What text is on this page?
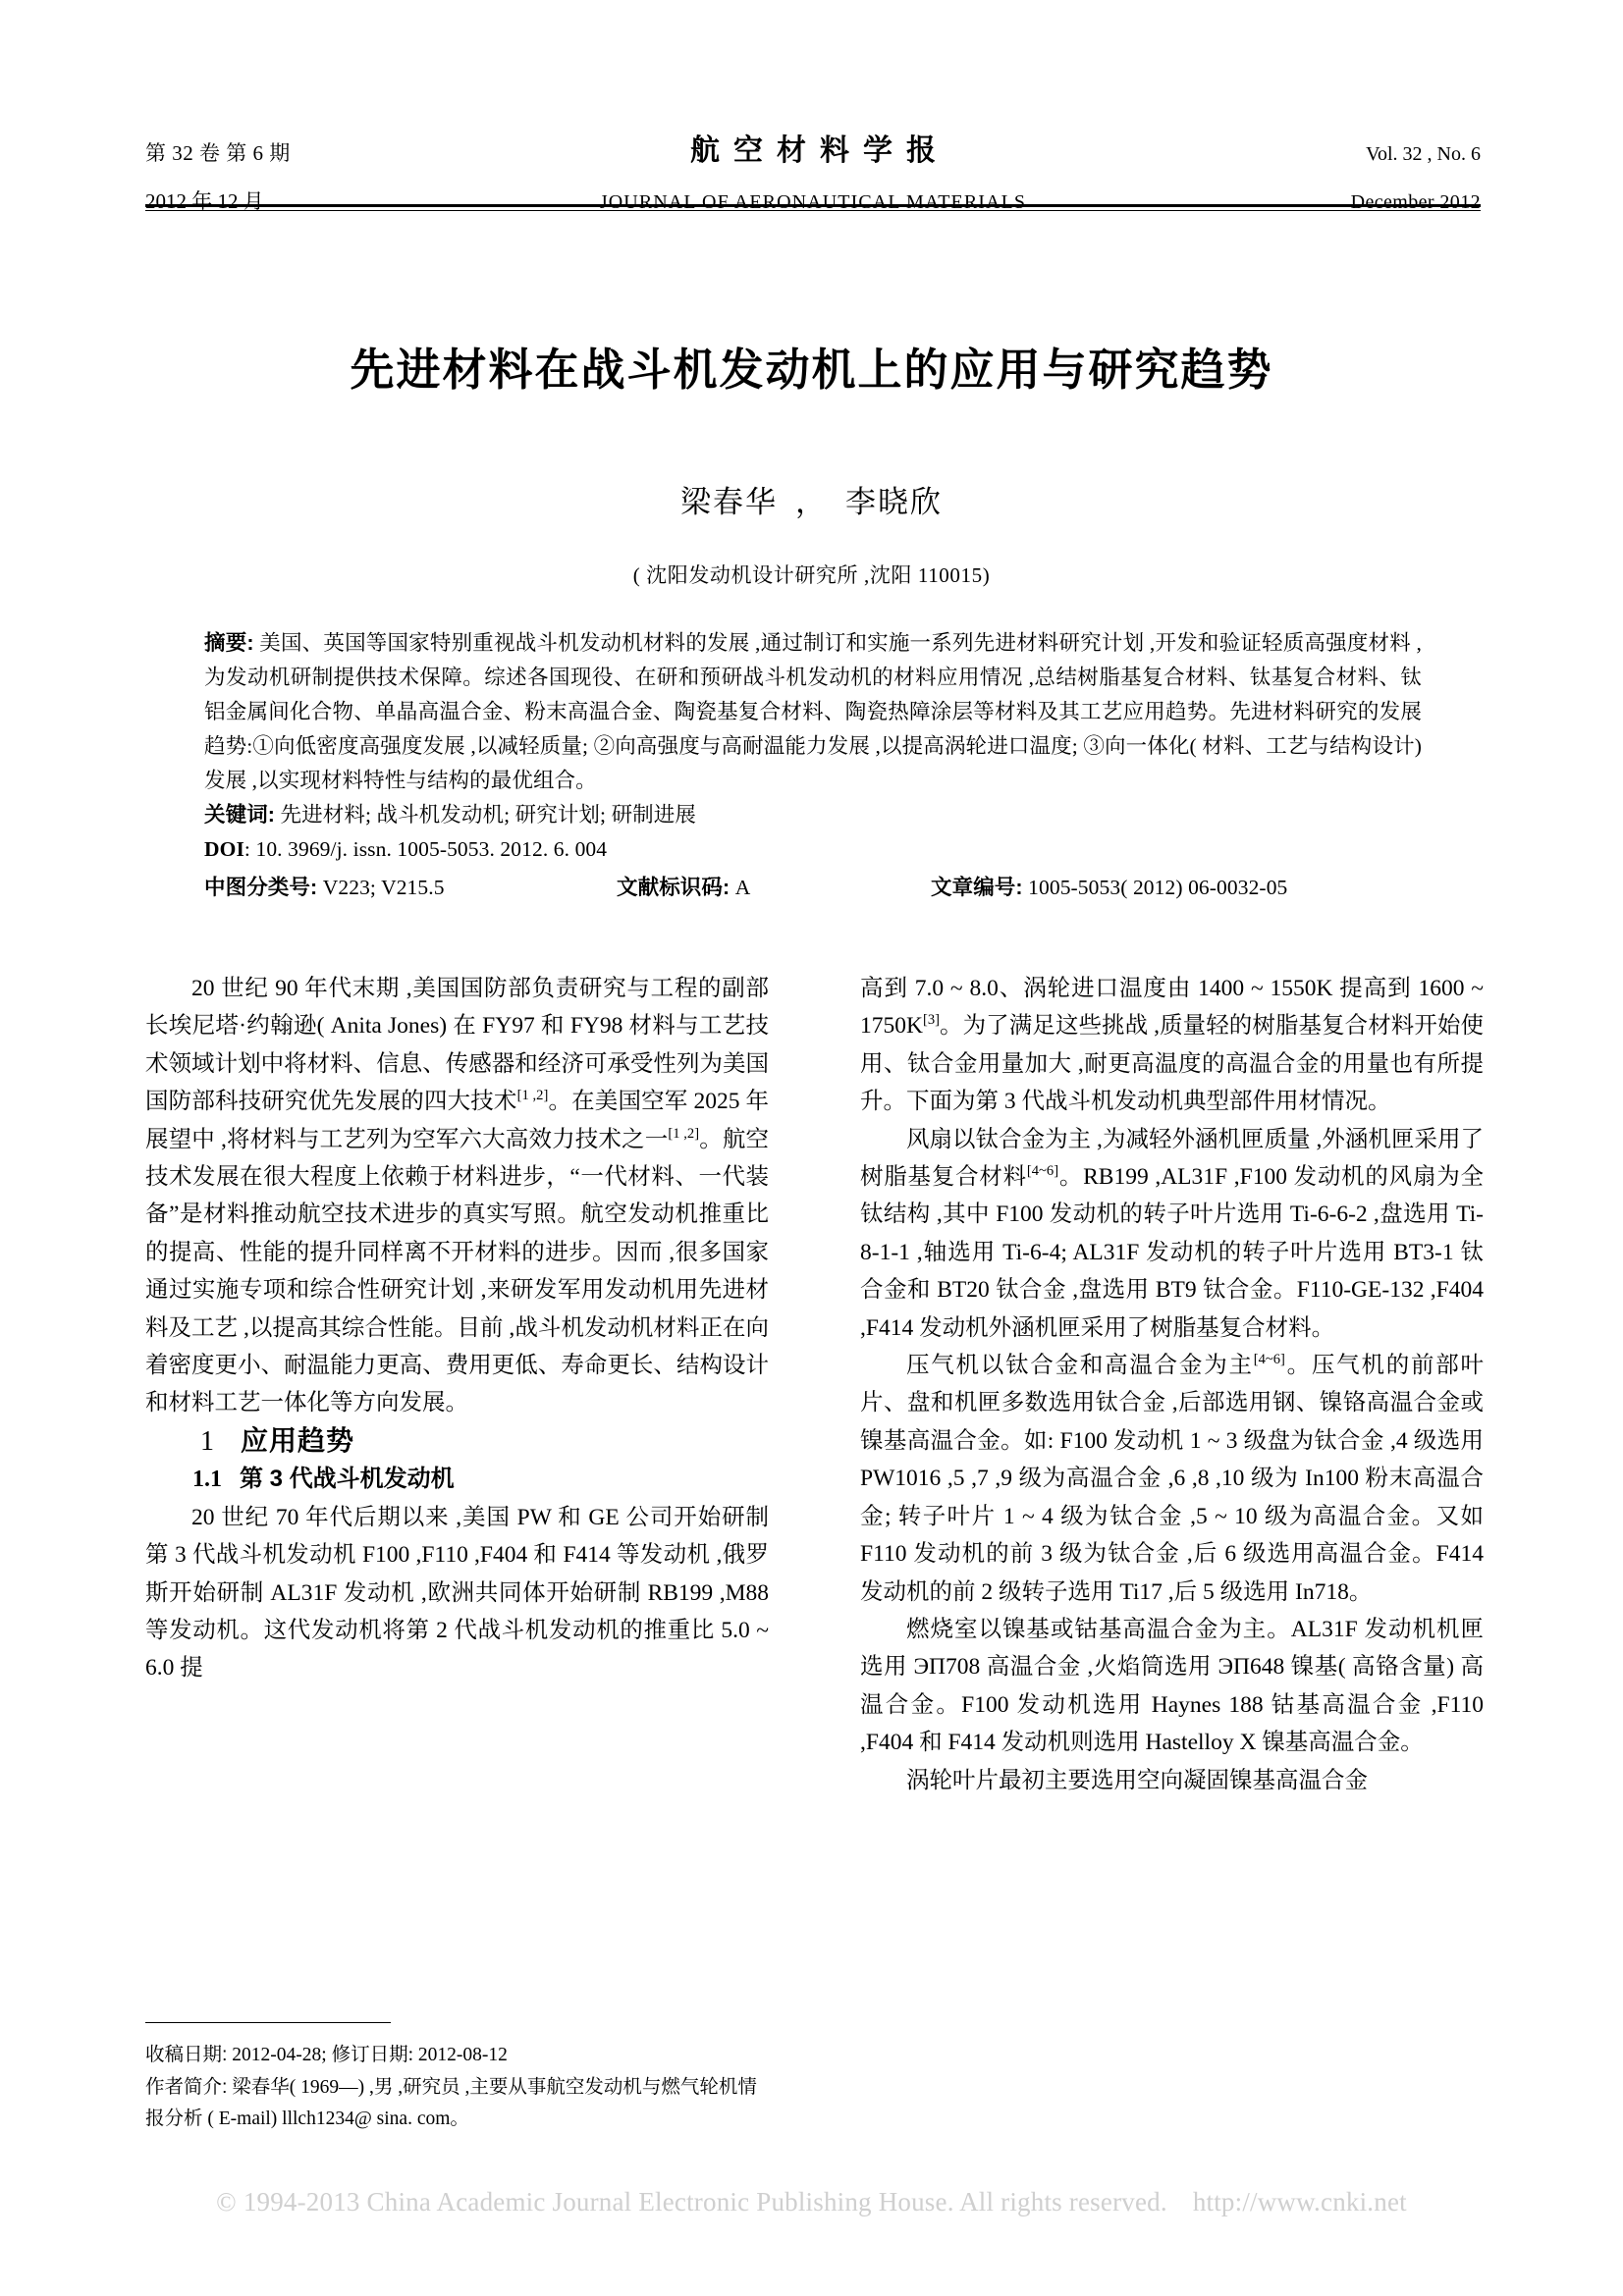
第 32 卷 第 6 期	航空材料学报	Vol. 32 , No. 6
2012 年 12 月	JOURNAL OF AERONAUTICAL MATERIALS	December 2012
先进材料在战斗机发动机上的应用与研究趋势
梁春华 ， 李晓欣
( 沈阳发动机设计研究所 ,沈阳 110015)

摘要: 美国、英国等国家特别重视战斗机发动机材料的发展 ,通过制订和实施一系列先进材料研究计划 ,开发和验证轻质高强度材料 ,为发动机研制提供技术保障。综述各国现役、在研和预研战斗机发动机的材料应用情况 ,总结树脂基复合材料、钛基复合材料、钛铝金属间化合物、单晶高温合金、粉末高温合金、陶瓷基复合材料、陶瓷热障涂层等材料及其工艺应用趋势。先进材料研究的发展趋势:①向低密度高强度发展 ,以减轻质量; ②向高强度与高耐温能力发展 ,以提高涡轮进口温度; ③向一体化( 材料、工艺与结构设计) 发展 ,以实现材料特性与结构的最优组合。

关键词: 先进材料; 战斗机发动机; 研究计划; 研制进展

DOI: 10. 3969/j. issn. 1005-5053. 2012. 6. 004

中图分类号: V223; V215.5	文献标识码: A	文章编号: 1005-5053( 2012) 06-0032-05

20 世纪 90 年代末期 ,美国国防部负责研究与工程的副部长埃尼塔·约翰逊( Anita Jones) 在 FY97 和 FY98 材料与工艺技术领域计划中将材料、信息、传感器和经济可承受性列为美国国防部科技研究优先发展的四大技术[1 ,2]。在美国空军 2025 年展望中 ,将材料与工艺列为空军六大高效力技术之一[1 ,2]。航空技术发展在很大程度上依赖于材料进步，“一代材料、一代装备”是材料推动航空技术进步的真实写照。航空发动机推重比的提高、性能的提升同样离不开材料的进步。因而 ,很多国家通过实施专项和综合性研究计划 ,来研发军用发动机用先进材料及工艺 ,以提高其综合性能。目前 ,战斗机发动机材料正在向着密度更小、耐温能力更高、费用更低、寿命更长、结构设计和材料工艺一体化等方向发展。

1 应用趋势

1.1 第 3 代战斗机发动机

20 世纪 70 年代后期以来 ,美国 PW 和 GE 公司开始研制第 3 代战斗机发动机 F100 ,F110 ,F404 和 F414 等发动机 ,俄罗斯开始研制 AL31F 发动机 ,欧洲共同体开始研制 RB199 ,M88 等发动机。这代发动机将第 2 代战斗机发动机的推重比 5.0 ~ 6.0 提

高到 7.0 ~ 8.0、涡轮进口温度由 1400 ~ 1550K 提高到 1600 ~ 1750K[3]。为了满足这些挑战 ,质量轻的树脂基复合材料开始使用、钛合金用量加大 ,耐更高温度的高温合金的用量也有所提升。下面为第 3 代战斗机发动机典型部件用材情况。

风扇以钛合金为主 ,为减轻外涵机匣质量 ,外涵机匣采用了树脂基复合材料[4~6]。RB199 ,AL31F ,F100 发动机的风扇为全钛结构 ,其中 F100 发动机的转子叶片选用 Ti-6-6-2 ,盘选用 Ti-8-1-1 ,轴选用 Ti-6-4; AL31F 发动机的转子叶片选用 BT3-1 钛合金和 BT20 钛合金 ,盘选用 BT9 钛合金。F110-GE-132 ,F404 ,F414 发动机外涵机匣采用了树脂基复合材料。

压气机以钛合金和高温合金为主[4~6]。压气机的前部叶片、盘和机匣多数选用钛合金 ,后部选用钢、镍铬高温合金或镍基高温合金。如: F100 发动机 1 ~ 3 级盘为钛合金 ,4 级选用 PW1016 ,5 ,7 ,9 级为高温合金 ,6 ,8 ,10 级为 In100 粉末高温合金; 转子叶片 1 ~ 4 级为钛合金 ,5 ~ 10 级为高温合金。又如 F110 发动机的前 3 级为钛合金 ,后 6 级选用高温合金。F414 发动机的前 2 级转子选用 Ti17 ,后 5 级选用 In718。

燃烧室以镍基或钴基高温合金为主。AL31F 发动机机匣选用 ЭП708 高温合金 ,火焰筒选用 ЭП648 镍基( 高铬含量) 高温合金。F100 发动机选用 Haynes 188 钴基高温合金 ,F110 ,F404 和 F414 发动机则选用 Hastelloy X 镍基高温合金。

涡轮叶片最初主要选用空向凝固镍基高温合金

收稿日期: 2012-04-28; 修订日期: 2012-08-12

作者简介: 梁春华( 1969—) ,男 ,研究员 ,主要从事航空发动机与燃气轮机情报分析 ( E-mail) lllch1234@ sina. com。

© 1994-2013 China Academic Journal Electronic Publishing House. All rights reserved. http://www.cnki.net
